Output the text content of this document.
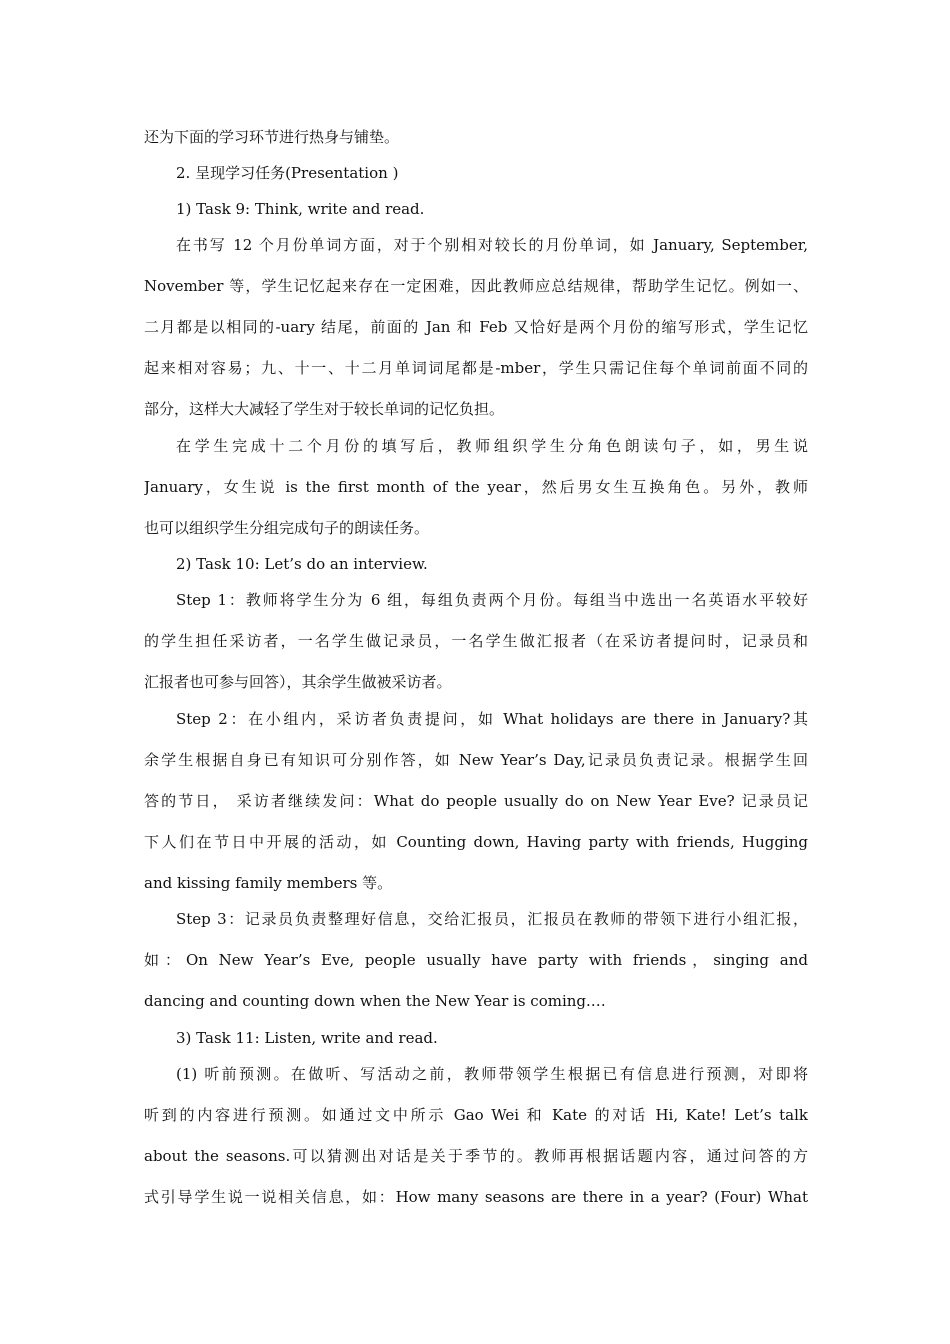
还为下面的学习环节进行热身与铺垫。
2. 呈现学习任务(Presentation )
1) Task 9: Think, write and read.
在书写 12 个月份单词方面，对于个别相对较长的月份单词，如 January, September,
November 等，学生记忆起来存在一定困难，因此教师应总结规律，帮助学生记忆。例如一、
二月都是以相同的-uary 结尾，前面的 Jan 和 Feb 又恰好是两个月份的缩写形式，学生记忆
起来相对容易；九、十一、十二月单词词尾都是-mber，学生只需记住每个单词前面不同的
部分，这样大大减轻了学生对于较长单词的记忆负担。
在学生完成十二个月份的填写后，教师组织学生分角色朗读句子，如，男生说
January，女生说 is the first month of the year，然后男女生互换角色。另外，教师
也可以组织学生分组完成句子的朗读任务。
2) Task 10: Let’s do an interview.
Step 1：教师将学生分为 6 组，每组负责两个月份。每组当中选出一名英语水平较好
的学生担任采访者，一名学生做记录员，一名学生做汇报者（在采访者提问时，记录员和
汇报者也可参与回答），其余学生做被采访者。
Step 2：在小组内，采访者负责提问，如 What holidays are there in January?其
余学生根据自身已有知识可分别作答，如 New Year’s Day,记录员负责记录。根据学生回
答的节日， 采访者继续发问：What do people usually do on New Year Eve? 记录员记
下人们在节日中开展的活动，如 Counting down, Having party with friends, Hugging
and kissing family members 等。
Step 3：记录员负责整理好信息，交给汇报员，汇报员在教师的带领下进行小组汇报，
如：On New Year’s Eve, people usually have party with friends，singing and
dancing and counting down when the New Year is coming.…
3) Task 11: Listen, write and read.
(1) 听前预测。在做听、写活动之前，教师带领学生根据已有信息进行预测，对即将
听到的内容进行预测。如通过文中所示 Gao Wei 和 Kate 的对话 Hi, Kate! Let’s talk
about the seasons.可以猜测出对话是关于季节的。教师再根据话题内容，通过问答的方
式引导学生说一说相关信息，如：How many seasons are there in a year? (Four) What
